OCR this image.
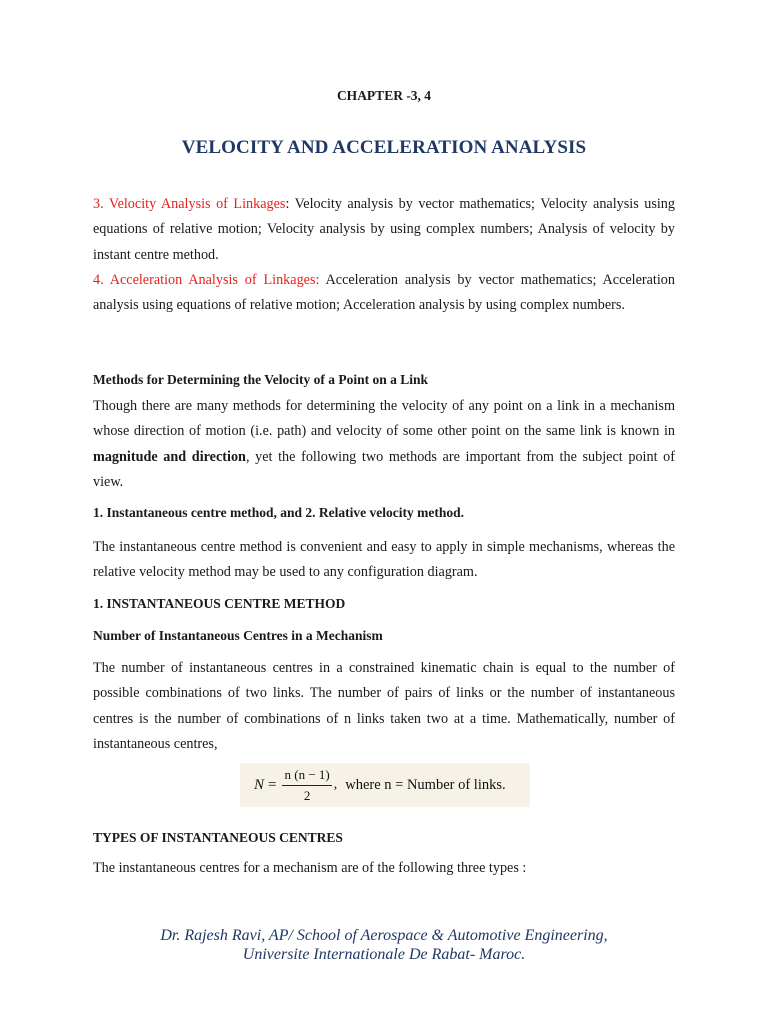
CHAPTER -3, 4
VELOCITY AND ACCELERATION ANALYSIS

3. Velocity Analysis of Linkages: Velocity analysis by vector mathematics; Velocity analysis using equations of relative motion; Velocity analysis by using complex numbers; Analysis of velocity by instant centre method.

4. Acceleration Analysis of Linkages: Acceleration analysis by vector mathematics; Acceleration analysis using equations of relative motion; Acceleration analysis by using complex numbers.

Methods for Determining the Velocity of a Point on a Link

Though there are many methods for determining the velocity of any point on a link in a mechanism whose direction of motion (i.e. path) and velocity of some other point on the same link is known in magnitude and direction, yet the following two methods are important from the subject point of view.

1. Instantaneous centre method, and 2. Relative velocity method.

The instantaneous centre method is convenient and easy to apply in simple mechanisms, whereas the relative velocity method may be used to any configuration diagram.

1. INSTANTANEOUS CENTRE METHOD
Number of Instantaneous Centres in a Mechanism

The number of instantaneous centres in a constrained kinematic chain is equal to the number of possible combinations of two links. The number of pairs of links or the number of instantaneous centres is the number of combinations of n links taken two at a time. Mathematically, number of instantaneous centres,

$N = \frac{n (n - 1)}{2}$ , where n = Number of links.
TYPES OF INSTANTANEOUS CENTRES
The instantaneous centres for a mechanism are of the following three types :
Dr. Rajesh Ravi, AP/ School of Aerospace & Automotive Engineering,
Universite Internationale De Rabat- Maroc.
